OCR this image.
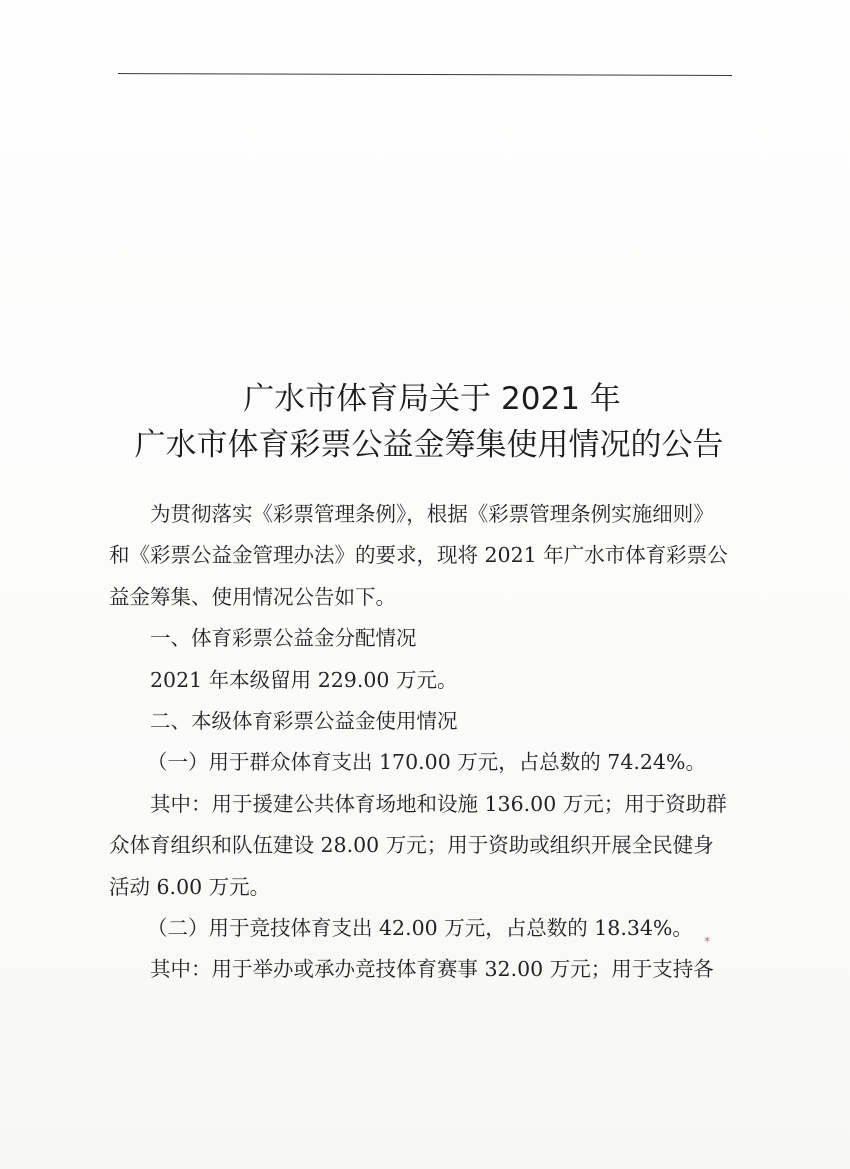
广水市体育局关于 2021 年
广水市体育彩票公益金筹集使用情况的公告

为贯彻落实《彩票管理条例》，根据《彩票管理条例实施细则》

和《彩票公益金管理办法》的要求，现将 2021 年广水市体育彩票公

益金筹集、使用情况公告如下。

一、体育彩票公益金分配情况

2021 年本级留用 229.00 万元。

二、本级体育彩票公益金使用情况

（一）用于群众体育支出 170.00 万元，占总数的 74.24%。

其中：用于援建公共体育场地和设施 136.00 万元；用于资助群

众体育组织和队伍建设 28.00 万元；用于资助或组织开展全民健身

活动 6.00 万元。

（二）用于竞技体育支出 42.00 万元，占总数的 18.34%。

其中：用于举办或承办竞技体育赛事 32.00 万元；用于支持各

✶
